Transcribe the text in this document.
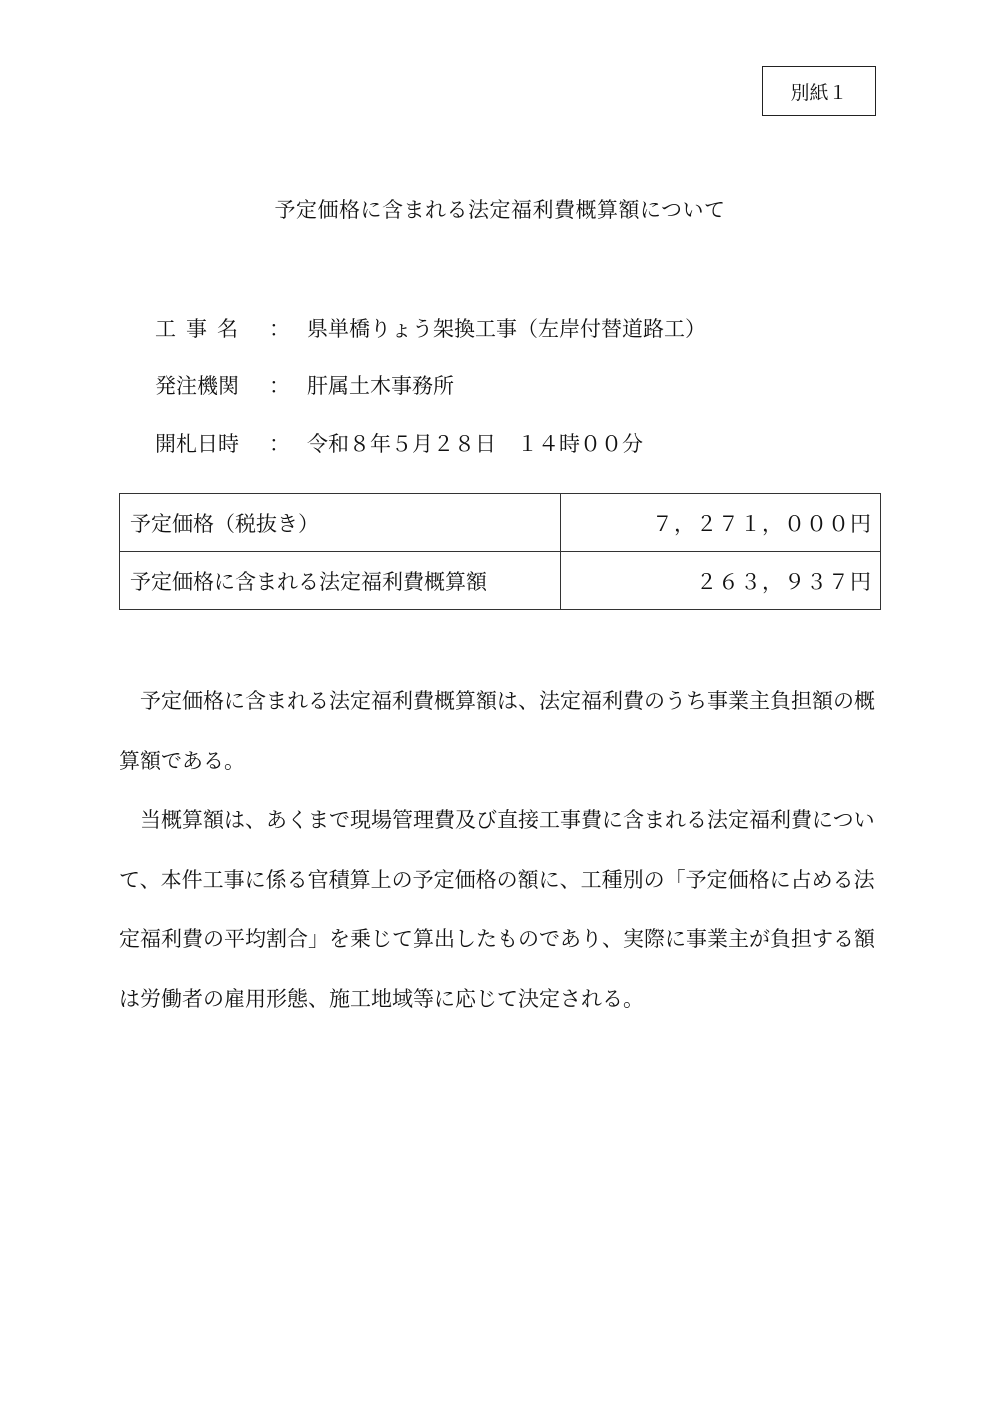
別紙１
予定価格に含まれる法定福利費概算額について
工事名 ： 県単橋りょう架換工事（左岸付替道路工）
発注機関	： 肝属土木事務所
開札日時	： 令和８年５月２８日　１４時００分
予定価格（税抜き）	７，２７１，０００円
予定価格に含まれる法定福利費概算額	２６３，９３７円

予定価格に含まれる法定福利費概算額は、法定福利費のうち事業主負担額の概算額である。

当概算額は、あくまで現場管理費及び直接工事費に含まれる法定福利費について、本件工事に係る官積算上の予定価格の額に、工種別の「予定価格に占める法定福利費の平均割合」を乗じて算出したものであり、実際に事業主が負担する額は労働者の雇用形態、施工地域等に応じて決定される。
